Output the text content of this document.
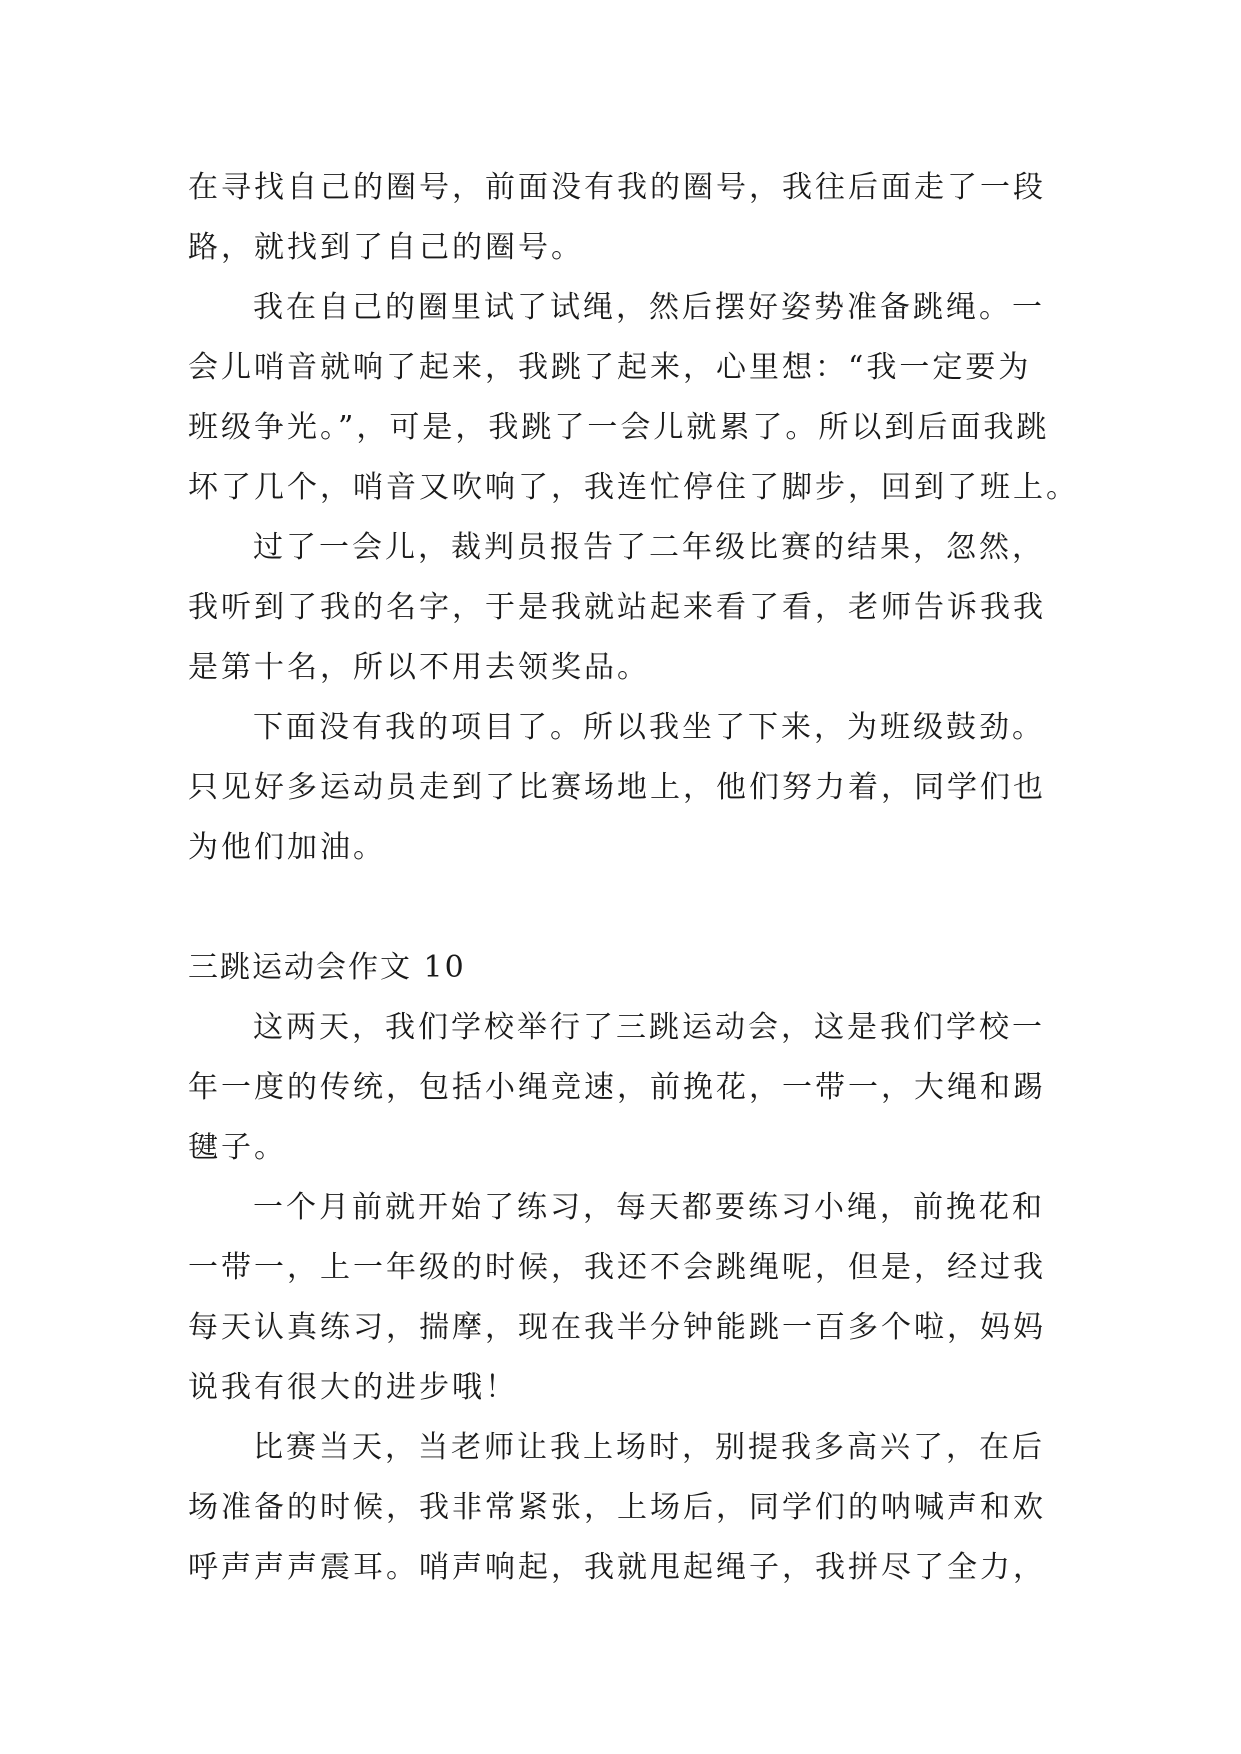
在寻找自己的圈号，前面没有我的圈号，我往后面走了一段
路，就找到了自己的圈号。
我在自己的圈里试了试绳，然后摆好姿势准备跳绳。一
会儿哨音就响了起来，我跳了起来，心里想：“我一定要为
班级争光。”，可是，我跳了一会儿就累了。所以到后面我跳
坏了几个，哨音又吹响了，我连忙停住了脚步，回到了班上。
过了一会儿，裁判员报告了二年级比赛的结果，忽然，
我听到了我的名字，于是我就站起来看了看，老师告诉我我
是第十名，所以不用去领奖品。
下面没有我的项目了。所以我坐了下来，为班级鼓劲。
只见好多运动员走到了比赛场地上，他们努力着，同学们也
为他们加油。
三跳运动会作文 10
这两天，我们学校举行了三跳运动会，这是我们学校一
年一度的传统，包括小绳竞速，前挽花，一带一，大绳和踢
毽子。
一个月前就开始了练习，每天都要练习小绳，前挽花和
一带一，上一年级的时候，我还不会跳绳呢，但是，经过我
每天认真练习，揣摩，现在我半分钟能跳一百多个啦，妈妈
说我有很大的进步哦！
比赛当天，当老师让我上场时，别提我多高兴了，在后
场准备的时候，我非常紧张，上场后，同学们的呐喊声和欢
呼声声声震耳。哨声响起，我就甩起绳子，我拼尽了全力，
